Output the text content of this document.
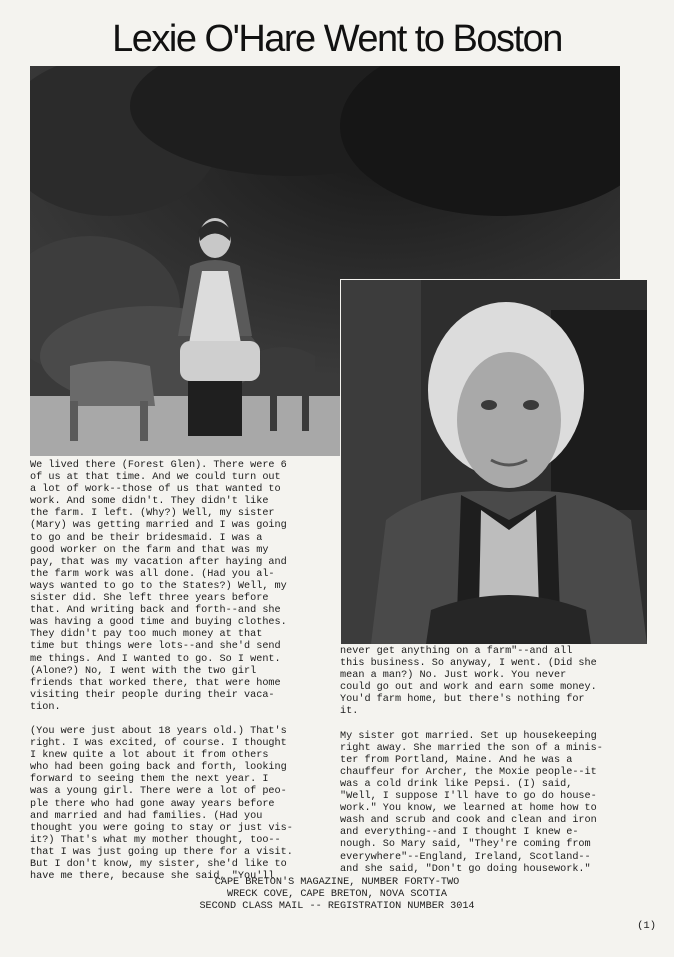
Lexie O'Hare Went to Boston

We lived there (Forest Glen). There were 6
of us at that time. And we could turn out
a lot of work--those of us that wanted to
work. And some didn't. They didn't like
the farm. I left. (Why?) Well, my sister
(Mary) was getting married and I was going
to go and be their bridesmaid. I was a
good worker on the farm and that was my
pay, that was my vacation after haying and
the farm work was all done. (Had you al-
ways wanted to go to the States?) Well, my
sister did. She left three years before
that. And writing back and forth--and she
was having a good time and buying clothes.
They didn't pay too much money at that
time but things were lots--and she'd send
me things. And I wanted to go. So I went.
(Alone?) No, I went with the two girl
friends that worked there, that were home
visiting their people during their vaca-
tion.

(You were just about 18 years old.) That's
right. I was excited, of course. I thought
I knew quite a lot about it from others
who had been going back and forth, looking
forward to seeing them the next year. I
was a young girl. There were a lot of peo-
ple there who had gone away years before
and married and had families. (Had you
thought you were going to stay or just vis-
it?) That's what my mother thought, too--
that I was just going up there for a visit.
But I don't know, my sister, she'd like to
have me there, because she said, "You'll

never get anything on a farm"--and all
this business. So anyway, I went. (Did she
mean a man?) No. Just work. You never
could go out and work and earn some money.
You'd farm home, but there's nothing for
it.

My sister got married. Set up housekeeping
right away. She married the son of a minis-
ter from Portland, Maine. And he was a
chauffeur for Archer, the Moxie people--it
was a cold drink like Pepsi. (I) said,
"Well, I suppose I'll have to go do house-
work." You know, we learned at home how to
wash and scrub and cook and clean and iron
and everything--and I thought I knew e-
nough. So Mary said, "They're coming from
everywhere"--England, Ireland, Scotland--
and she said, "Don't go doing housework."

CAPE BRETON'S MAGAZINE, NUMBER FORTY-TWO
WRECK COVE, CAPE BRETON, NOVA SCOTIA
SECOND CLASS MAIL -- REGISTRATION NUMBER 3014
(1)
